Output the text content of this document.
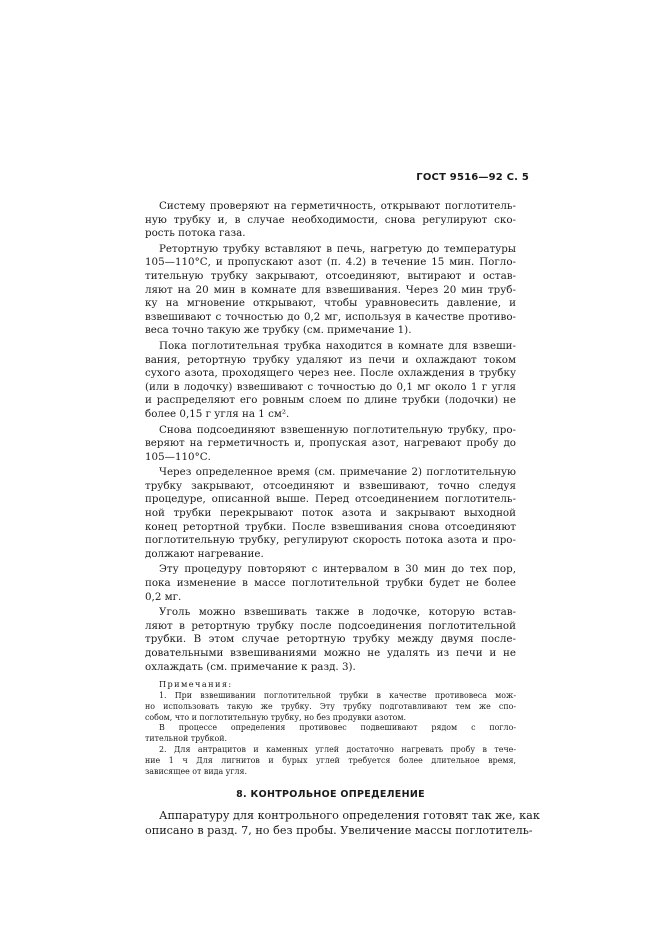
ГОСТ 9516—92 С. 5
Систему проверяют на герметичность, открывают поглотитель-
ную трубку и, в случае необходимости, снова регулируют ско-
рость потока газа.
Ретортную трубку вставляют в печь, нагретую до температуры
105—110°С, и пропускают азот (п. 4.2) в течение 15 мин. Погло-
тительную трубку закрывают, отсоединяют, вытирают и остав-
ляют на 20 мин в комнате для взвешивания. Через 20 мин труб-
ку на мгновение открывают, чтобы уравновесить давление, и
взвешивают с точностью до 0,2 мг, используя в качестве противо-
веса точно такую же трубку (см. примечание 1).
Пока поглотительная трубка находится в комнате для взвеши-
вания, ретортную трубку удаляют из печи и охлаждают током
сухого азота, проходящего через нее. После охлаждения в трубку
(или в лодочку) взвешивают с точностью до 0,1 мг около 1 г угля
и распределяют его ровным слоем по длине трубки (лодочки) не
более 0,15 г угля на 1 см².
Снова подсоединяют взвешенную поглотительную трубку, про-
веряют на герметичность и, пропуская азот, нагревают пробу до
105—110°С.
Через определенное время (см. примечание 2) поглотительную
трубку закрывают, отсоединяют и взвешивают, точно следуя
процедуре, описанной выше. Перед отсоединением поглотитель-
ной трубки перекрывают поток азота и закрывают выходной
конец ретортной трубки. После взвешивания снова отсоединяют
поглотительную трубку, регулируют скорость потока азота и про-
должают нагревание.
Эту процедуру повторяют с интервалом в 30 мин до тех пор,
пока изменение в массе поглотительной трубки будет не более
0,2 мг.
Уголь можно взвешивать также в лодочке, которую встав-
ляют в ретортную трубку после подсоединения поглотительной
трубки. В этом случае ретортную трубку между двумя после-
довательными взвешиваниями можно не удалять из печи и не
охлаждать (см. примечание к разд. 3).
Примечания:
1. При взвешивании поглотительной трубки в качестве противовеса мож-
но использовать такую же трубку. Эту трубку подготавливают тем же спо-
собом, что и поглотительную трубку, но без продувки азотом.
В процессе определения противовес подвешивают рядом с погло-
тительной трубкой.
2. Для антрацитов и каменных углей достаточно нагревать пробу в тече-
ние 1 ч Для лигнитов и бурых углей требуется более длительное время,
зависящее от вида угля.
8. КОНТРОЛЬНОЕ ОПРЕДЕЛЕНИЕ
Аппаратуру для контрольного определения готовят так же, как
описано в разд. 7, но без пробы. Увеличение массы поглотитель-
